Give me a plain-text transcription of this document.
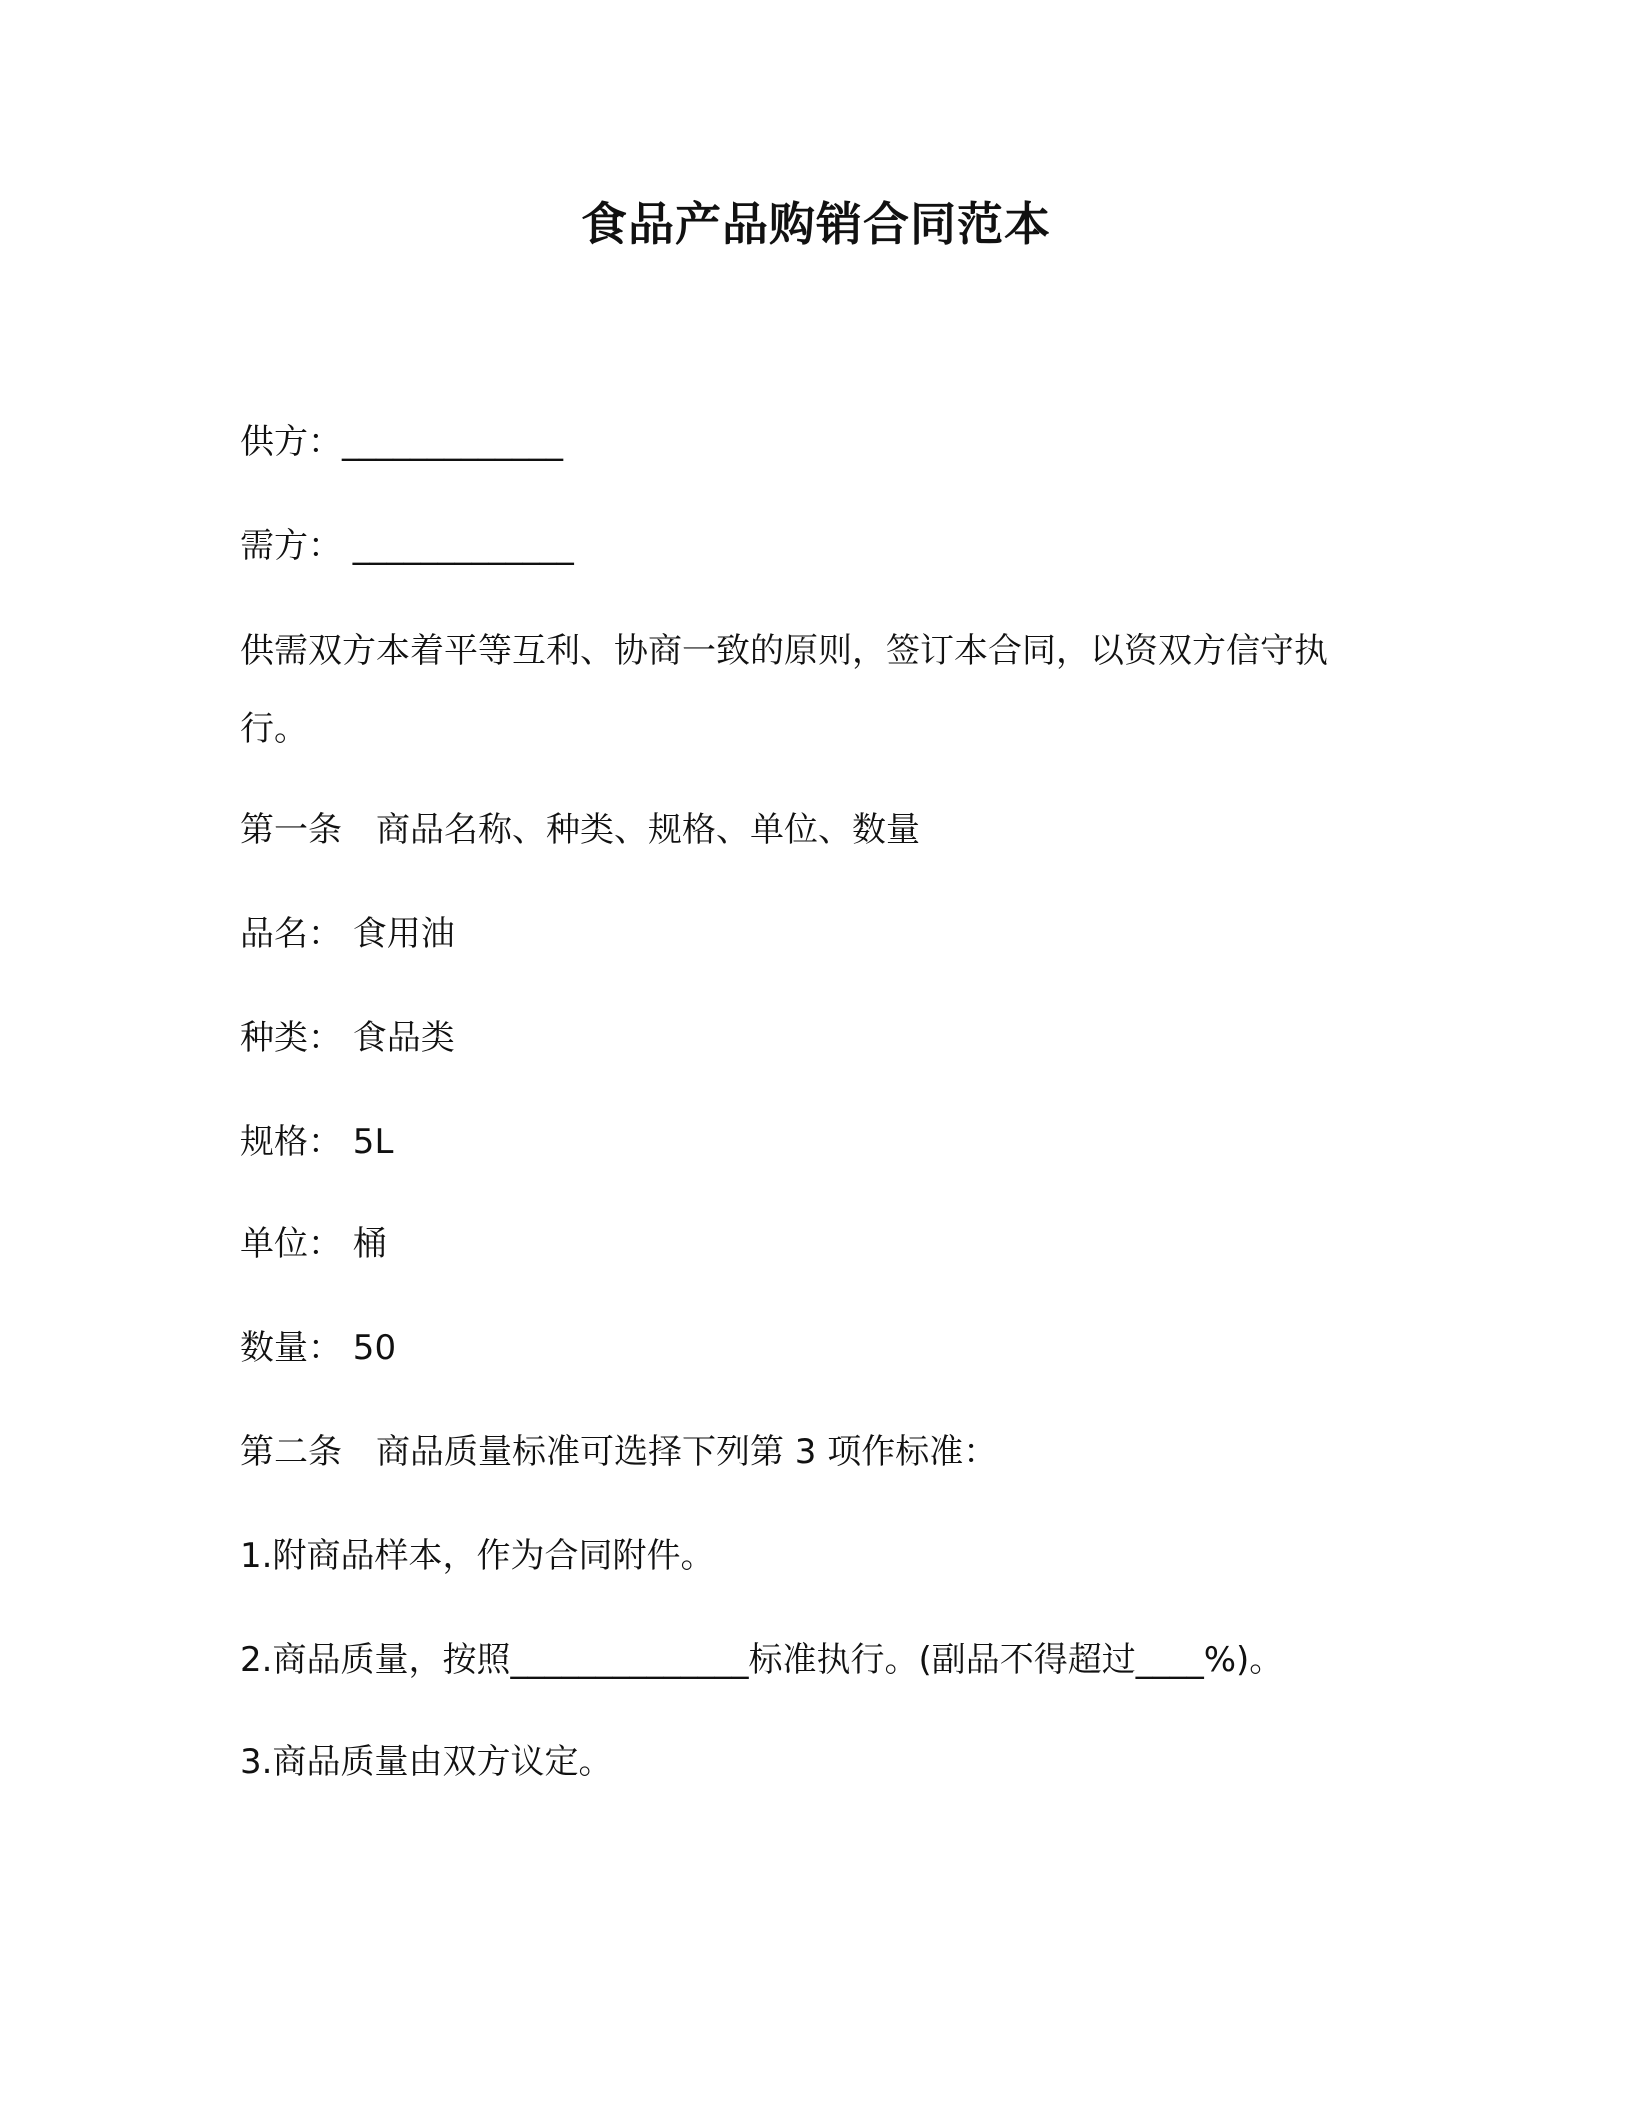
食品产品购销合同范本
供方：_____________
需方： _____________
供需双方本着平等互利、协商一致的原则，签订本合同，以资双方信守执行。
第一条　商品名称、种类、规格、单位、数量
品名： 食用油
种类： 食品类
规格： 5L
单位： 桶
数量： 50
第二条　商品质量标准可选择下列第 3 项作标准：
1.附商品样本，作为合同附件。
2.商品质量，按照______________标准执行。(副品不得超过____%)。
3.商品质量由双方议定。
